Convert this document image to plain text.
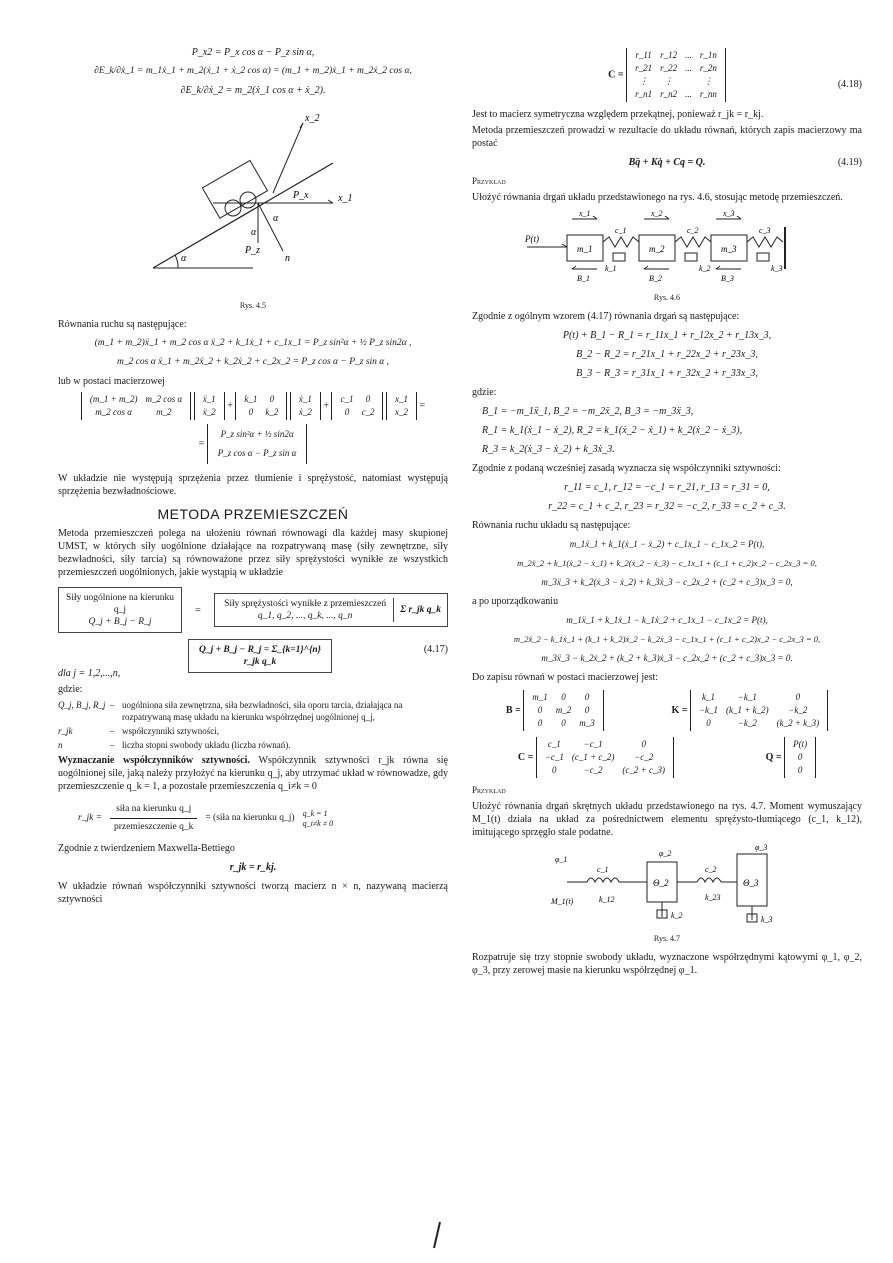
P_x2 = P_x cos α − P_z sin α,
∂E_k/∂ẋ_1 = m_1ẋ_1 + m_2(ẋ_1 + ẋ_2 cos α) = (m_1 + m_2)ẋ_1 + m_2ẋ_2 cos α,
∂E_k/∂ẋ_2 = m_2(ẋ_1 cos α + ẋ_2).
x_2
x_1
P_x
P_z
α
α
α	n
Rys. 4.5
Równania ruchu są następujące:
(m_1 + m_2)ẍ_1 + m_2 cos α ẍ_2 + k_1ẋ_1 + c_1x_1 = P_z sin²α + ½ P_z sin2α ,
m_2 cos α ẍ_1 + m_2ẍ_2 + k_2ẋ_2 + c_2x_2 = P_z cos α − P_z sin α ,
lub w postaci macierzowej
(m_1 + m_2)	m_2 cos α
m_2 cos α	m_2

ẍ_1
ẍ_2
+
k_1	0
0	k_2

ẋ_1
ẋ_2
+
c_1	0
0	c_2

x_1
x_2
=
=
P_z sin²α + ½ sin2α
P_z cos α − P_z sin α
W układzie nie występują sprzężenia przez tłumienie i sprężystość, natomiast występują sprzężenia bezwładnościowe.
METODA PRZEMIESZCZEŃ
Metoda przemieszczeń polega na ułożeniu równań równowagi dla każdej masy skupionej UMST, w których siły uogólnione działające na rozpatrywaną masę (siły zewnętrzne, siły bezwładności, siły tarcia) są równoważone przez siły sprężystości wynikłe ze wszystkich przemieszczeń uogólnionych, jakie wystąpią w układzie
Siły uogólnione na kierunku q_j
Q_j + B_j − R_j
=
Siły sprężystości wynikłe z przemieszczeń
q_1, q_2, ..., q_k, ..., q_n
Σ r_jk q_k
Q_j + B_j − R_j = Σ_{k=1}^{n} r_jk q_k
(4.17)
dla j = 1,2,...,n,
gdzie:
Q_j, B_j, R_j – uogólniona siła zewnętrzna, siła bezwładności, siła oporu tarcia, działająca na rozpatrywaną masę układu na kierunku współrzędnej uogólnionej q_j,
r_jk	– współczynniki sztywności,
n	– liczba stopni swobody układu (liczba równań).
Wyznaczanie współczynników sztywności. Współczynnik sztywności r_jk równa się uogólnionej sile, jaką należy przyłożyć na kierunku q_j, aby utrzymać układ w równowadze, gdy przemieszczenie q_k = 1, a pozostałe przemieszczenia q_i≠k = 0
r_jk =
siła na kierunku q_j
przemieszczenie q_k
= (siła na kierunku q_j) q_k = 1
q_i≠k ≠ 0
Zgodnie z twierdzeniem Maxwella-Bettiego
r_jk = r_kj.
W układzie równań współczynniki sztywności tworzą macierz n × n, nazywaną macierzą sztywności
C =
r_11	r_12	...	r_1n
r_21	r_22	...	r_2n
⋮	⋮		⋮
r_n1	r_n2	...	r_nn
(4.18)
Jest to macierz symetryczna względem przekątnej, ponieważ r_jk = r_kj.
Metoda przemieszczeń prowadzi w rezultacie do układu równań, których zapis macierzowy ma postać
Bq̈ + Kq̇ + Cq = Q.	(4.19)
Przykład
Ułożyć równania drgań układu przedstawionego na rys. 4.6, stosując metodę przemieszczeń.
P(t)
m_1	m_2	m_3
c_1	c_2	c_3
k_1	k_2	k_3
x_1	x_2	x_3
B_1	B_2	B_3
Rys. 4.6
Zgodnie z ogólnym wzorem (4.17) równania drgań są następujące:
P(t) + B_1 − R_1 = r_11x_1 + r_12x_2 + r_13x_3,
B_2 − R_2 = r_21x_1 + r_22x_2 + r_23x_3,
B_3 − R_3 = r_31x_1 + r_32x_2 + r_33x_3,
gdzie:
B_1 = −m_1ẍ_1, B_2 = −m_2ẍ_2, B_3 = −m_3ẍ_3,
R_1 = k_1(ẋ_1 − ẋ_2), R_2 = k_1(ẋ_2 − ẋ_1) + k_2(ẋ_2 − ẋ_3),
R_3 = k_2(ẋ_3 − ẋ_2) + k_3ẋ_3.
Zgodnie z podaną wcześniej zasadą wyznacza się współczynniki sztywności:
r_11 = c_1, r_12 = −c_1 = r_21, r_13 = r_31 = 0,
r_22 = c_1 + c_2, r_23 = r_32 = −c_2, r_33 = c_2 + c_3.
Równania ruchu układu są następujące:
m_1ẍ_1 + k_1(ẋ_1 − ẋ_2) + c_1x_1 − c_1x_2 = P(t),
m_2ẍ_2 + k_1(ẋ_2 − ẋ_1) + k_2(ẋ_2 − ẋ_3) − c_1x_1 + (c_1 + c_2)x_2 − c_2x_3 = 0,
m_3ẍ_3 + k_2(ẋ_3 − ẋ_2) + k_3ẋ_3 − c_2x_2 + (c_2 + c_3)x_3 = 0,
a po uporządkowaniu
m_1ẍ_1 + k_1ẋ_1 − k_1ẋ_2 + c_1x_1 − c_1x_2 = P(t),
m_2ẍ_2 − k_1ẋ_1 + (k_1 + k_2)ẋ_2 − k_2ẋ_3 − c_1x_1 + (c_1 + c_2)x_2 − c_2x_3 = 0,
m_3ẍ_3 − k_2ẋ_2 + (k_2 + k_3)ẋ_3 − c_2x_2 + (c_2 + c_3)x_3 = 0.
Do zapisu równań w postaci macierzowej jest:
B =
m_1	0	0
0	m_2	0
0	0	m_3
K =
k_1	−k_1	0
−k_1	(k_1 + k_2)	−k_2
0	−k_2	(k_2 + k_3)
C =
c_1	−c_1	0
−c_1	(c_1 + c_2)	−c_2
0	−c_2	(c_2 + c_3)
Q =
P(t)
0
0
Przykład
Ułożyć równania drgań skrętnych układu przedstawionego na rys. 4.7. Moment wymuszający M_1(t) działa na układ za pośrednictwem elementu sprężysto-tłumiącego (c_1, k_12), imitującego sprzęgło stale podatne.
φ_1
M_1(t)
c_1
k_12
φ_2
Θ_2
k_2
c_2
k_23
φ_3
Θ_3
k_3
Rys. 4.7
Rozpatruje się trzy stopnie swobody układu, wyznaczone współrzędnymi kątowymi φ_1, φ_2, φ_3, przy zerowej masie na kierunku współrzędnej φ_1.
